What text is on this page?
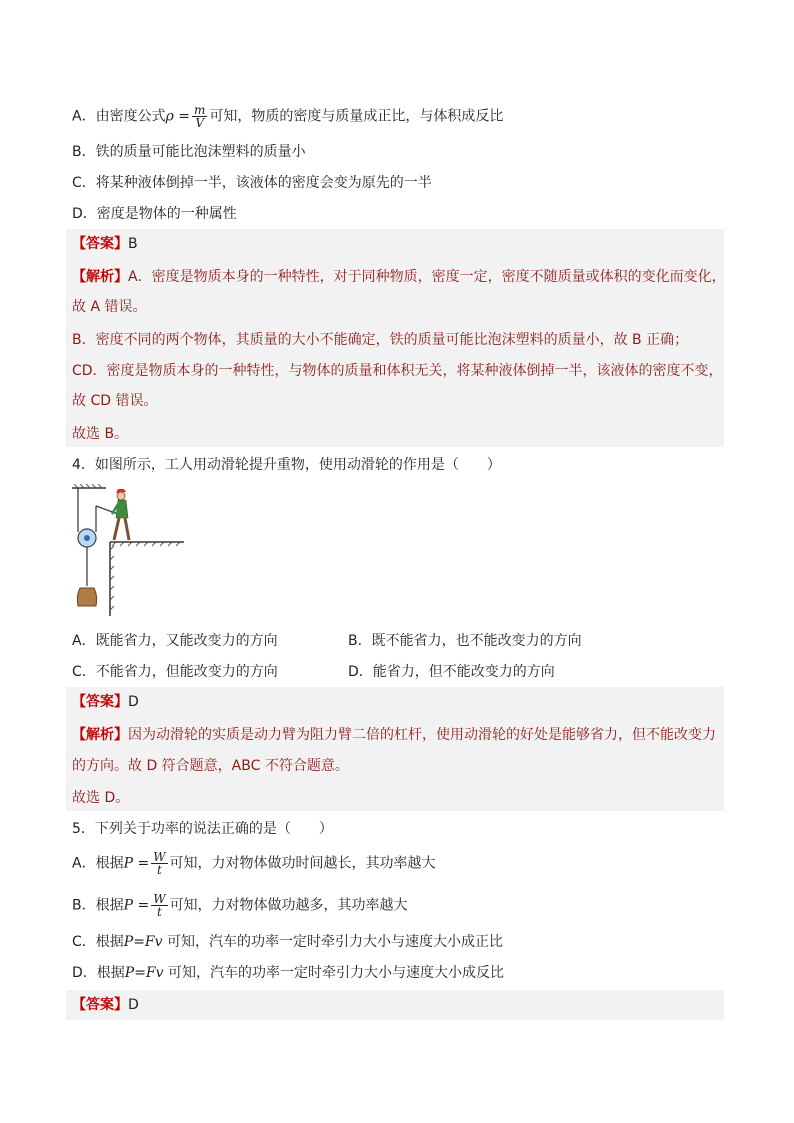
A．由密度公式$\rho = \frac{m}{V}$ 可知，物质的密度与质量成正比，与体积成反比
B．铁的质量可能比泡沫塑料的质量小
C．将某种液体倒掉一半，该液体的密度会变为原先的一半
D．密度是物体的一种属性
【答案】B
【解析】A．密度是物质本身的一种特性，对于同种物质，密度一定，密度不随质量或体积的变化而变化，
故 A 错误。
B．密度不同的两个物体，其质量的大小不能确定，铁的质量可能比泡沫塑料的质量小，故 B 正确；
CD．密度是物质本身的一种特性，与物体的质量和体积无关，将某种液体倒掉一半，该液体的密度不变，
故 CD 错误。
故选 B。
4．如图所示，工人用动滑轮提升重物，使用动滑轮的作用是（　　）
A．既能省力，又能改变力的方向	B．既不能省力，也不能改变力的方向
C．不能省力，但能改变力的方向	D．能省力，但不能改变力的方向
【答案】D
【解析】因为动滑轮的实质是动力臂为阻力臂二倍的杠杆，使用动滑轮的好处是能够省力，但不能改变力
的方向。故 D 符合题意，ABC 不符合题意。
故选 D。
5．下列关于功率的说法正确的是（　　）
A．根据$P = \frac{W}{t}$ 可知，力对物体做功时间越长，其功率越大
B．根据$P = \frac{W}{t}$ 可知，力对物体做功越多，其功率越大
C．根据P=Fv 可知，汽车的功率一定时牵引力大小与速度大小成正比
D．根据P=Fv 可知，汽车的功率一定时牵引力大小与速度大小成反比
【答案】D
